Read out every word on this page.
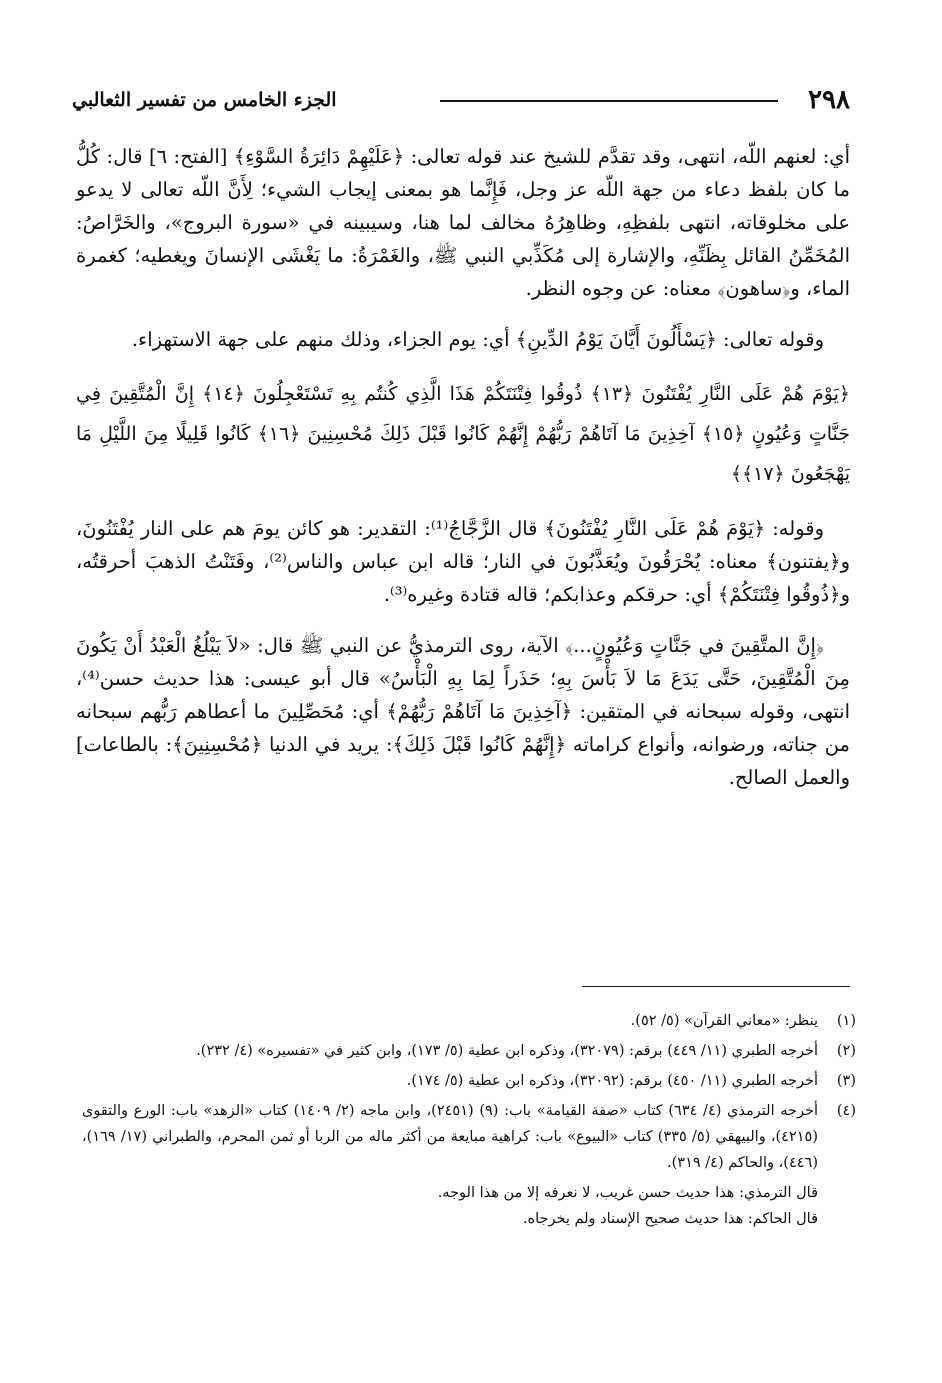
٢٩٨
الجزء الخامس من تفسير الثعالبي

أي: لعنهم اللّه، انتهى، وقد تقدَّم للشيخ عند قوله تعالى: ﴿عَلَيْهِمْ دَائِرَةُ السَّوْءِ﴾ [الفتح: ٦] قال: كُلُّ ما كان بلفظ دعاء من جهة اللّه عز وجل، فَإِنَّما هو بمعنى إيجاب الشيء؛ لِأَنَّ اللّه تعالى لا يدعو على مخلوقاته، انتهى بلفظِهِ، وظاهِرُهُ مخالف لما هنا، وسيبينه في «سورة البروج»، والخَرَّاصُ: المُخَمِّنُ القائل بِظَنِّهِ، والإشارة إلى مُكَذِّبي النبي ﷺ، والغَمْرَةُ: ما يَغْشَى الإنسانَ ويغطيه؛ كغمرة الماء، و﴿ساهون﴾ معناه: عن وجوه النظر.

وقوله تعالى: ﴿يَسْأَلُونَ أَيَّانَ يَوْمُ الدِّينِ﴾ أي: يوم الجزاء، وذلك منهم على جهة الاستهزاء.

﴿يَوْمَ هُمْ عَلَى النَّارِ يُفْتَنُونَ ﴿١٣﴾ ذُوقُوا فِتْنَتَكُمْ هَذَا الَّذِي كُنتُم بِهِ تَسْتَعْجِلُونَ ﴿١٤﴾ إِنَّ الْمُتَّقِينَ فِي جَنَّاتٍ وَعُيُونٍ ﴿١٥﴾ آخِذِينَ مَا آتَاهُمْ رَبُّهُمْ إِنَّهُمْ كَانُوا قَبْلَ ذَلِكَ مُحْسِنِينَ ﴿١٦﴾ كَانُوا قَلِيلًا مِنَ اللَّيْلِ مَا يَهْجَعُونَ ﴿١٧﴾﴾

وقوله: ﴿يَوْمَ هُمْ عَلَى النَّارِ يُفْتَنُونَ﴾ قال الزَّجَّاجُ⁽¹⁾: التقدير: هو كائن يومَ هم على النار يُفْتَنُونَ، و﴿يفتنون﴾ معناه: يُحْرَقُونَ ويُعَذَّبُونَ في النار؛ قاله ابن عباس والناس⁽²⁾، وفَتَنْتُ الذهبَ أحرقتُه، و﴿ذُوقُوا فِتْنَتَكُمْ﴾ أي: حرقكم وعذابكم؛ قاله قتادة وغيره⁽³⁾.

﴿إِنَّ المتَّقِينَ في جَنَّاتٍ وَعُيُونٍ...﴾ الآية، روى الترمذيُّ عن النبي ﷺ قال: «لاَ يَبْلُغُ الْعَبْدُ أَنْ يَكُونَ مِنَ الْمُتَّقِينَ، حَتَّى يَدَعَ مَا لاَ بَأْسَ بِهِ؛ حَذَراً لِمَا بِهِ الْبَأْسُ» قال أبو عيسى: هذا حديث حسن⁽⁴⁾، انتهى، وقوله سبحانه في المتقين: ﴿آخِذِينَ مَا آتَاهُمْ رَبُّهُمْ﴾ أي: مُحَصِّلِينَ ما أعطاهم رَبُّهم سبحانه من جناته، ورضوانه، وأنواع كراماته ﴿إِنَّهُمْ كَانُوا قَبْلَ ذَلِكَ﴾: يريد في الدنيا ﴿مُحْسِنِينَ﴾: بالطاعات] والعمل الصالح.

(١)
ينظر: «معاني القرآن» (٥/ ٥٢).
(٢)
أخرجه الطبري (١١/ ٤٤٩) برقم: (٣٢٠٧٩)، وذكره ابن عطية (٥/ ١٧٣)، وابن كثير في «تفسيره» (٤/ ٢٣٢).
(٣)
أخرجه الطبري (١١/ ٤٥٠) برقم: (٣٢٠٩٢)، وذكره ابن عطية (٥/ ١٧٤).
(٤)
أخرجه الترمذي (٤/ ٦٣٤) كتاب «صفة القيامة» باب: (٩) (٢٤٥١)، وابن ماجه (٢/ ١٤٠٩) كتاب «الزهد» باب: الورع والتقوى (٤٢١٥)، والبيهقي (٥/ ٣٣٥) كتاب «البيوع» باب: كراهية مبايعة من أكثر ماله من الربا أو ثمن المحرم، والطبراني (١٧/ ١٦٩)، (٤٤٦)، والحاكم (٤/ ٣١٩).
قال الترمذي: هذا حديث حسن غريب، لا نعرفه إلا من هذا الوجه.
قال الحاكم: هذا حديث صحيح الإسناد ولم يخرجاه.
